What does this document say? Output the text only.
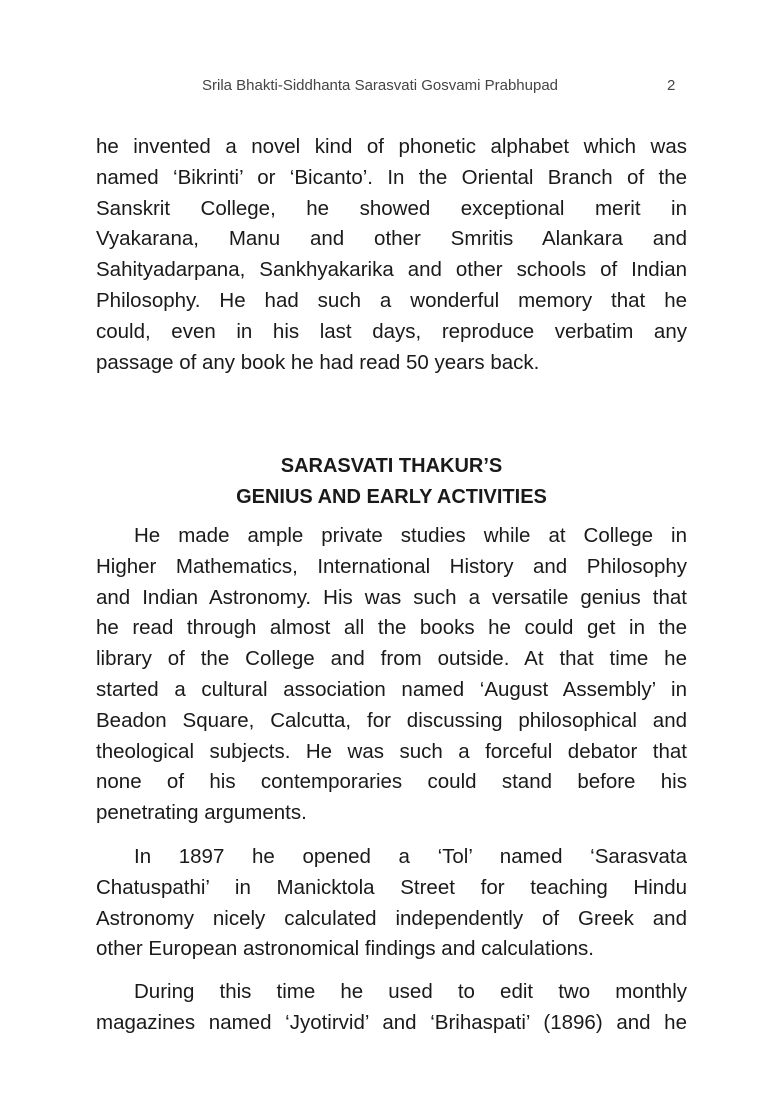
Srila Bhakti-Siddhanta Sarasvati Gosvami Prabhupad	2
he invented a novel kind of phonetic alphabet which was
named ‘Bikrinti’ or ‘Bicanto’. In the Oriental Branch of the
Sanskrit College, he showed exceptional merit in
Vyakarana, Manu and other Smritis Alankara and
Sahityadarpana, Sankhyakarika and other schools of Indian
Philosophy. He had such a wonderful memory that he
could, even in his last days, reproduce verbatim any
passage of any book he had read 50 years back.
SARASVATI THAKUR’S
GENIUS AND EARLY ACTIVITIES
He made ample private studies while at College in
Higher Mathematics, International History and Philosophy
and Indian Astronomy. His was such a versatile genius that
he read through almost all the books he could get in the
library of the College and from outside. At that time he
started a cultural association named ‘August Assembly’ in
Beadon Square, Calcutta, for discussing philosophical and
theological subjects. He was such a forceful debator that
none of his contemporaries could stand before his
penetrating arguments.
In 1897 he opened a ‘Tol’ named ‘Sarasvata
Chatuspathi’ in Manicktola Street for teaching Hindu
Astronomy nicely calculated independently of Greek and
other European astronomical findings and calculations.
During this time he used to edit two monthly
magazines named ‘Jyotirvid’ and ‘Brihaspati’ (1896) and he
